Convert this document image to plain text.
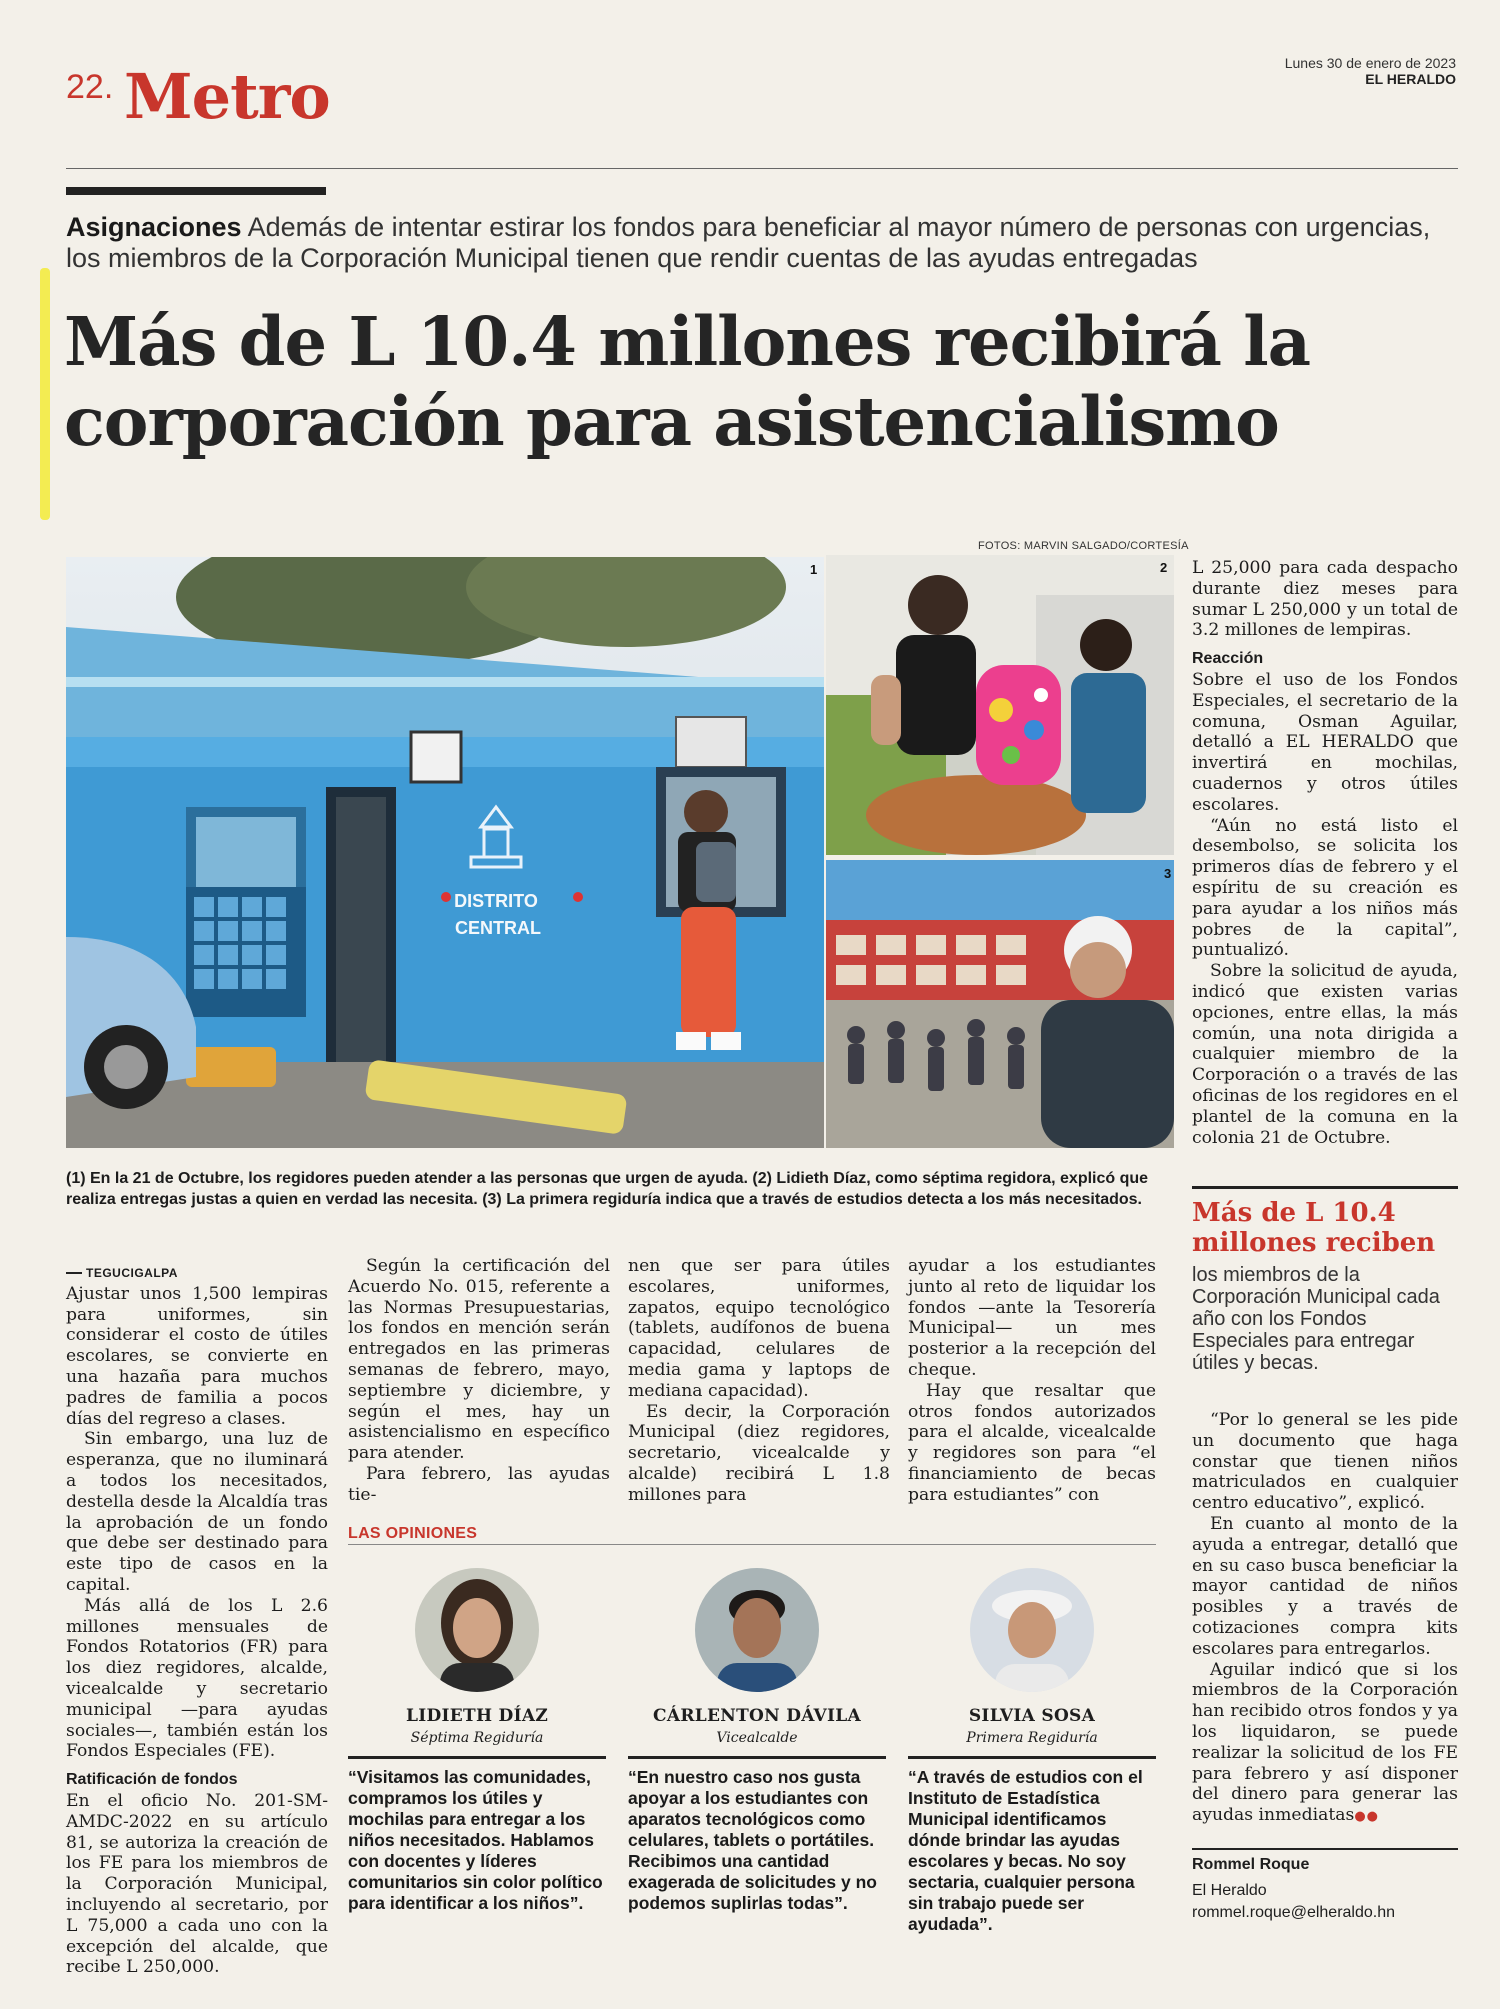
22. Metro	Lunes 30 de enero de 2023
EL HERALDO
Asignaciones Además de intentar estirar los fondos para beneficiar al mayor número de personas con urgencias, los miembros de la Corporación Municipal tienen que rendir cuentas de las ayudas entregadas
Más de L 10.4 millones recibirá la
corporación para asistencialismo
FOTOS: MARVIN SALGADO/CORTESÍA
DISTRITO
CENTRAL
1	2
3
(1) En la 21 de Octubre, los regidores pueden atender a las personas que urgen de ayuda. (2) Lidieth Díaz, como séptima regidora, explicó que realiza entregas justas a quien en verdad las necesita. (3) La primera regiduría indica que a través de estudios detecta a los más necesitados.
TEGUCIGALPA

Ajustar unos 1,500 lempiras para uniformes, sin considerar el costo de útiles escolares, se convierte en una hazaña para muchos padres de familia a pocos días del regreso a clases.

Sin embargo, una luz de esperanza, que no iluminará a todos los necesitados, destella desde la Alcaldía tras la aprobación de un fondo que debe ser destinado para este tipo de casos en la capital.

Más allá de los L 2.6 millones mensuales de Fondos Rotatorios (FR) para los diez regidores, alcalde, vicealcalde y secretario municipal —para ayudas sociales—, también están los Fondos Especiales (FE).

Ratificación de fondos

En el oficio No. 201-SM-AMDC-2022 en su artículo 81, se autoriza la creación de los FE para los miembros de la Corporación Municipal, incluyendo al secretario, por L 75,000 a cada uno con la excepción del alcalde, que recibe L 250,000.

Según la certificación del Acuerdo No. 015, referente a las Normas Presupuestarias, los fondos en mención serán entregados en las primeras semanas de febrero, mayo, septiembre y diciembre, y según el mes, hay un asistencialismo en específico para atender.

Para febrero, las ayudas tie-

nen que ser para útiles escolares, uniformes, zapatos, equipo tecnológico (tablets, audífonos de buena capacidad, celulares de media gama y laptops de mediana capacidad).

Es decir, la Corporación Municipal (diez regidores, secretario, vicealcalde y alcalde) recibirá L 1.8 millones para

ayudar a los estudiantes junto al reto de liquidar los fondos —ante la Tesorería Municipal— un mes posterior a la recepción del cheque.

Hay que resaltar que otros fondos autorizados para el alcalde, vicealcalde y regidores son para “el financiamiento de becas para estudiantes” con

LAS OPINIONES
LIDIETH DÍAZ
Séptima Regiduría
“Visitamos las comunidades, compramos los útiles y mochilas para entregar a los niños necesitados. Hablamos con docentes y líderes comunitarios sin color político para identificar a los niños”.
CÁRLENTON DÁVILA
Vicealcalde
“En nuestro caso nos gusta apoyar a los estudiantes con aparatos tecnológicos como celulares, tablets o portátiles. Recibimos una cantidad exagerada de solicitudes y no podemos suplirlas todas”.
SILVIA SOSA
Primera Regiduría
“A través de estudios con el Instituto de Estadística Municipal identificamos dónde brindar las ayudas escolares y becas. No soy sectaria, cualquier persona sin trabajo puede ser ayudada”.

L 25,000 para cada despacho durante diez meses para sumar L 250,000 y un total de 3.2 millones de lempiras.

Reacción

Sobre el uso de los Fondos Especiales, el secretario de la comuna, Osman Aguilar, detalló a EL HERALDO que invertirá en mochilas, cuadernos y otros útiles escolares.

“Aún no está listo el desembolso, se solicita los primeros días de febrero y el espíritu de su creación es para ayudar a los niños más pobres de la capital”, puntualizó.

Sobre la solicitud de ayuda, indicó que existen varias opciones, entre ellas, la más común, una nota dirigida a cualquier miembro de la Corporación o a través de las oficinas de los regidores en el plantel de la comuna en la colonia 21 de Octubre.

Más de L 10.4 millones reciben
los miembros de la Corporación Municipal cada año con los Fondos Especiales para entregar útiles y becas.

“Por lo general se les pide un documento que haga constar que tienen niños matriculados en cualquier centro educativo”, explicó.

En cuanto al monto de la ayuda a entregar, detalló que en su caso busca beneficiar la mayor cantidad de niños posibles y a través de cotizaciones compra kits escolares para entregarlos.

Aguilar indicó que si los miembros de la Corporación han recibido otros fondos y ya los liquidaron, se puede realizar la solicitud de los FE para febrero y así disponer del dinero para generar las ayudas inmediatas●●

Rommel Roque
El Heraldo
rommel.roque@elheraldo.hn
